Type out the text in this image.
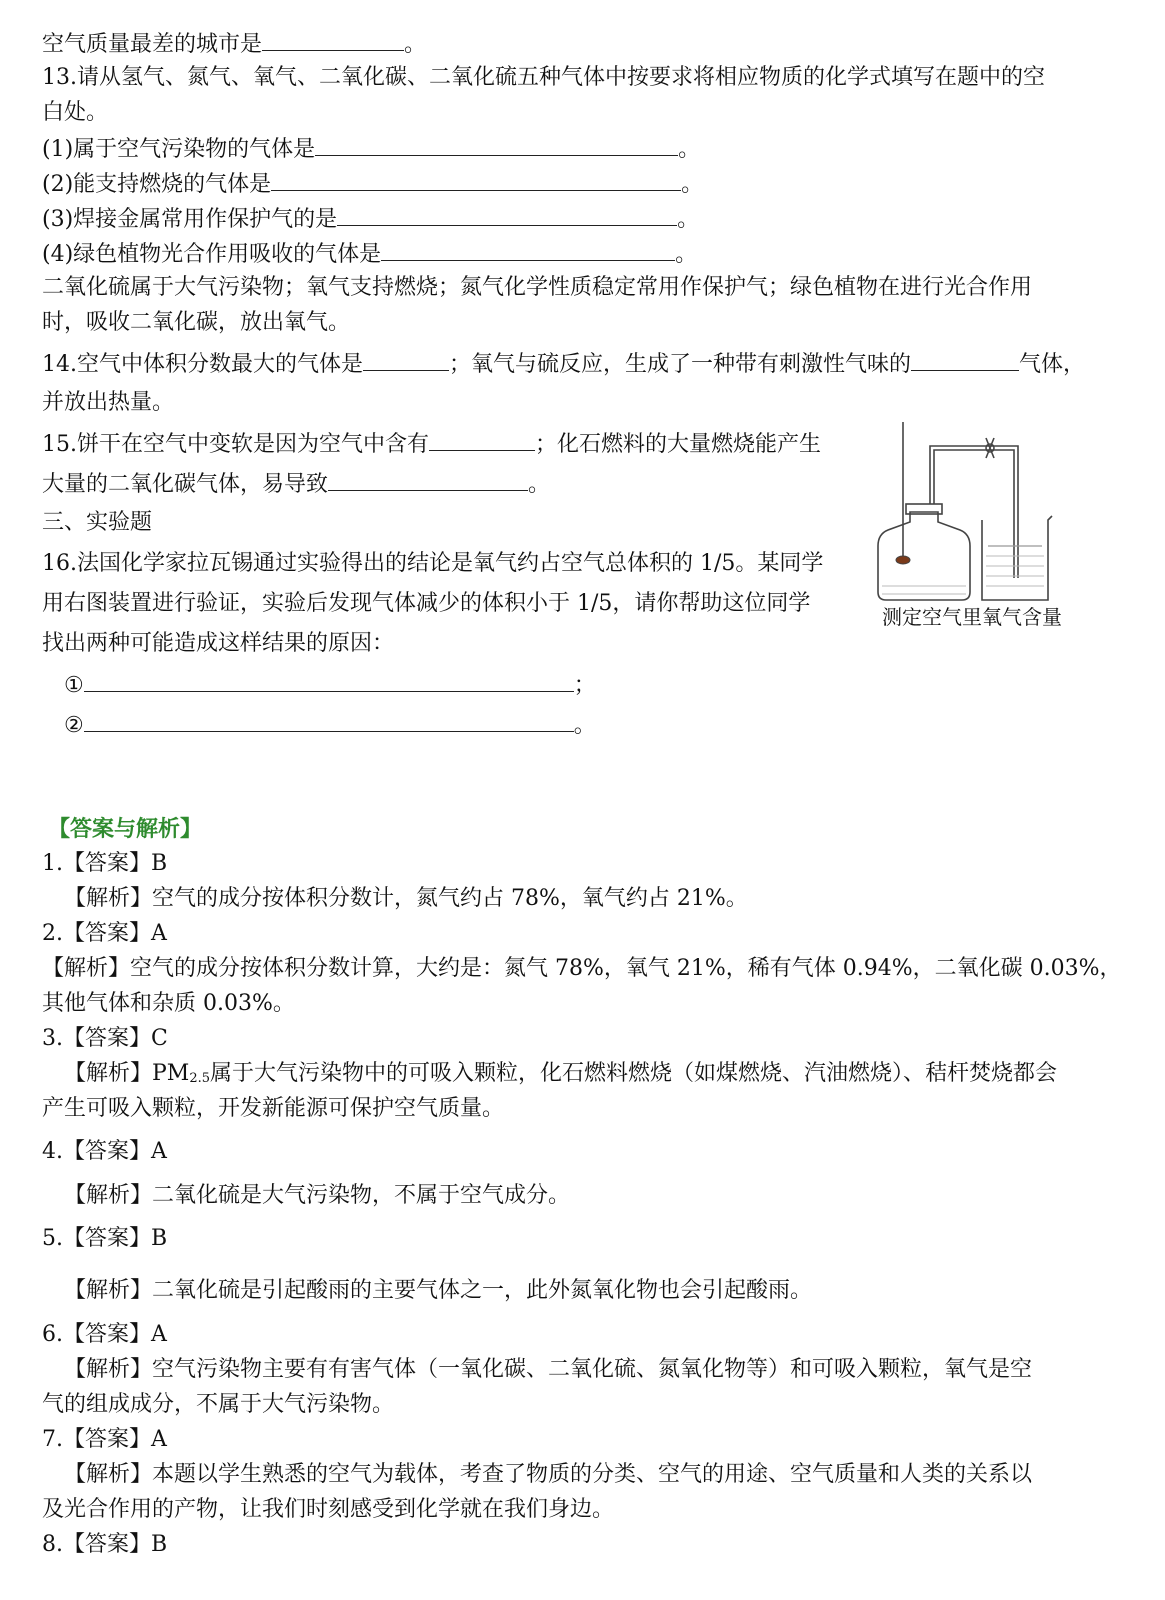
空气质量最差的城市是	。
13.请从氢气、氮气、氧气、二氧化碳、二氧化硫五种气体中按要求将相应物质的化学式填写在题中的空
白处。
(1)属于空气污染物的气体是	。
(2)能支持燃烧的气体是	。
(3)焊接金属常用作保护气的是	。
(4)绿色植物光合作用吸收的气体是	。
二氧化硫属于大气污染物；氧气支持燃烧；氮气化学性质稳定常用作保护气；绿色植物在进行光合作用
时，吸收二氧化碳，放出氧气。
14.空气中体积分数最大的气体是	；氧气与硫反应，生成了一种带有刺激性气味的	气体，
并放出热量。
15.饼干在空气中变软是因为空气中含有	；化石燃料的大量燃烧能产生
大量的二氧化碳气体，易导致	。
三、实验题
16.法国化学家拉瓦锡通过实验得出的结论是氧气约占空气总体积的 1/5。某同学
用右图装置进行验证，实验后发现气体减少的体积小于 1/5，请你帮助这位同学
找出两种可能造成这样结果的原因：
①	；
②	。
测定空气里氧气含量
【答案与解析】
1.【答案】B
【解析】空气的成分按体积分数计，氮气约占 78%，氧气约占 21%。
2.【答案】A
【解析】空气的成分按体积分数计算，大约是：氮气 78%，氧气 21%，稀有气体 0.94%，二氧化碳 0.03%，
其他气体和杂质 0.03%。
3.【答案】C
【解析】PM2.5属于大气污染物中的可吸入颗粒，化石燃料燃烧（如煤燃烧、汽油燃烧）、秸杆焚烧都会
产生可吸入颗粒，开发新能源可保护空气质量。
4.【答案】A
【解析】二氧化硫是大气污染物，不属于空气成分。
5.【答案】B
【解析】二氧化硫是引起酸雨的主要气体之一，此外氮氧化物也会引起酸雨。
6.【答案】A
【解析】空气污染物主要有有害气体（一氧化碳、二氧化硫、氮氧化物等）和可吸入颗粒，氧气是空
气的组成成分，不属于大气污染物。
7.【答案】A
【解析】本题以学生熟悉的空气为载体，考查了物质的分类、空气的用途、空气质量和人类的关系以
及光合作用的产物，让我们时刻感受到化学就在我们身边。
8.【答案】B
